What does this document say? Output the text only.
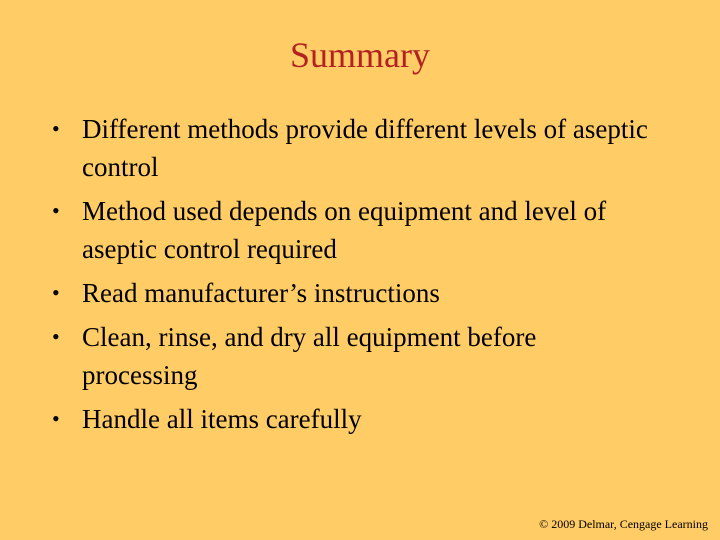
Summary
• Different methods provide different levels of aseptic control
• Method used depends on equipment and level of aseptic control required
• Read manufacturer’s instructions
• Clean, rinse, and dry all equipment before processing
• Handle all items carefully
© 2009 Delmar, Cengage Learning
